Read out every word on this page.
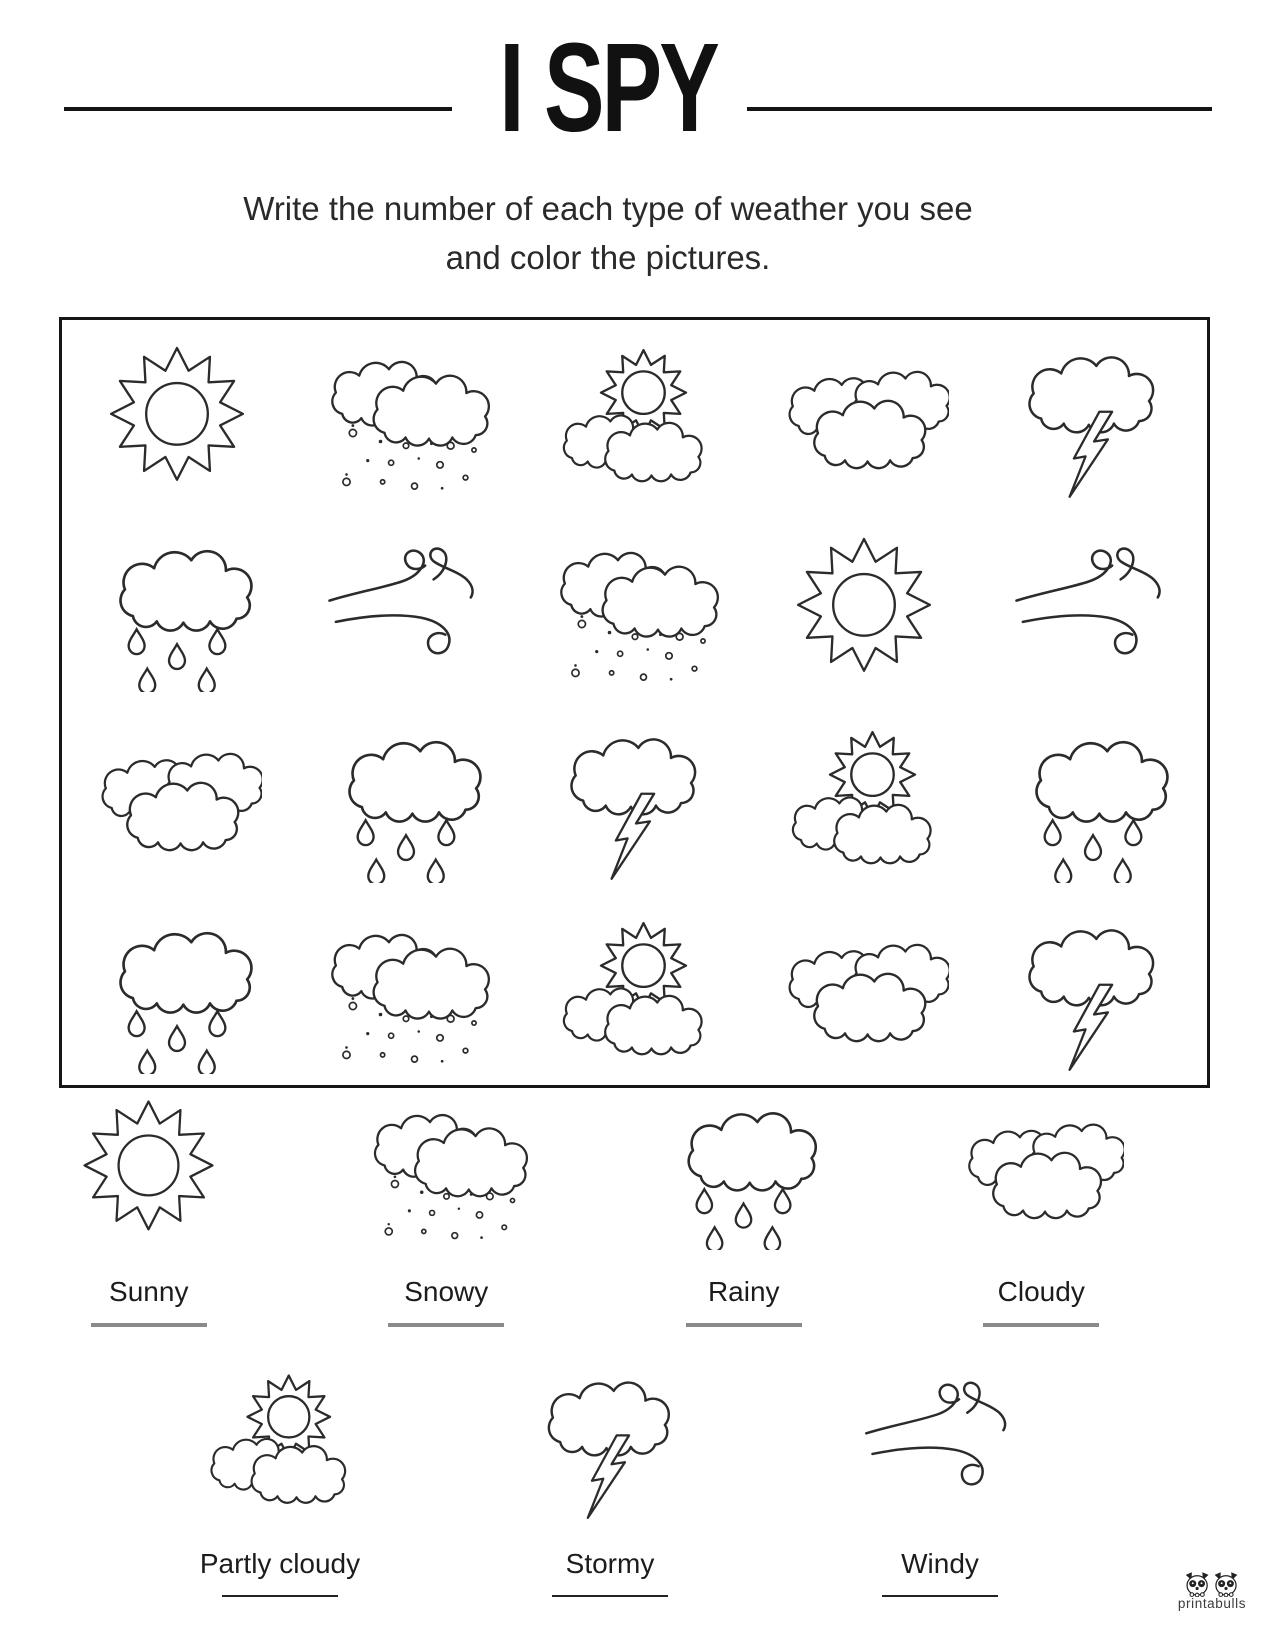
I SPY
Write the number of each type of weather you see
and color the pictures.
Sunny	Snowy	Rainy	Cloudy
Partly cloudy	Stormy	Windy
printabulls
